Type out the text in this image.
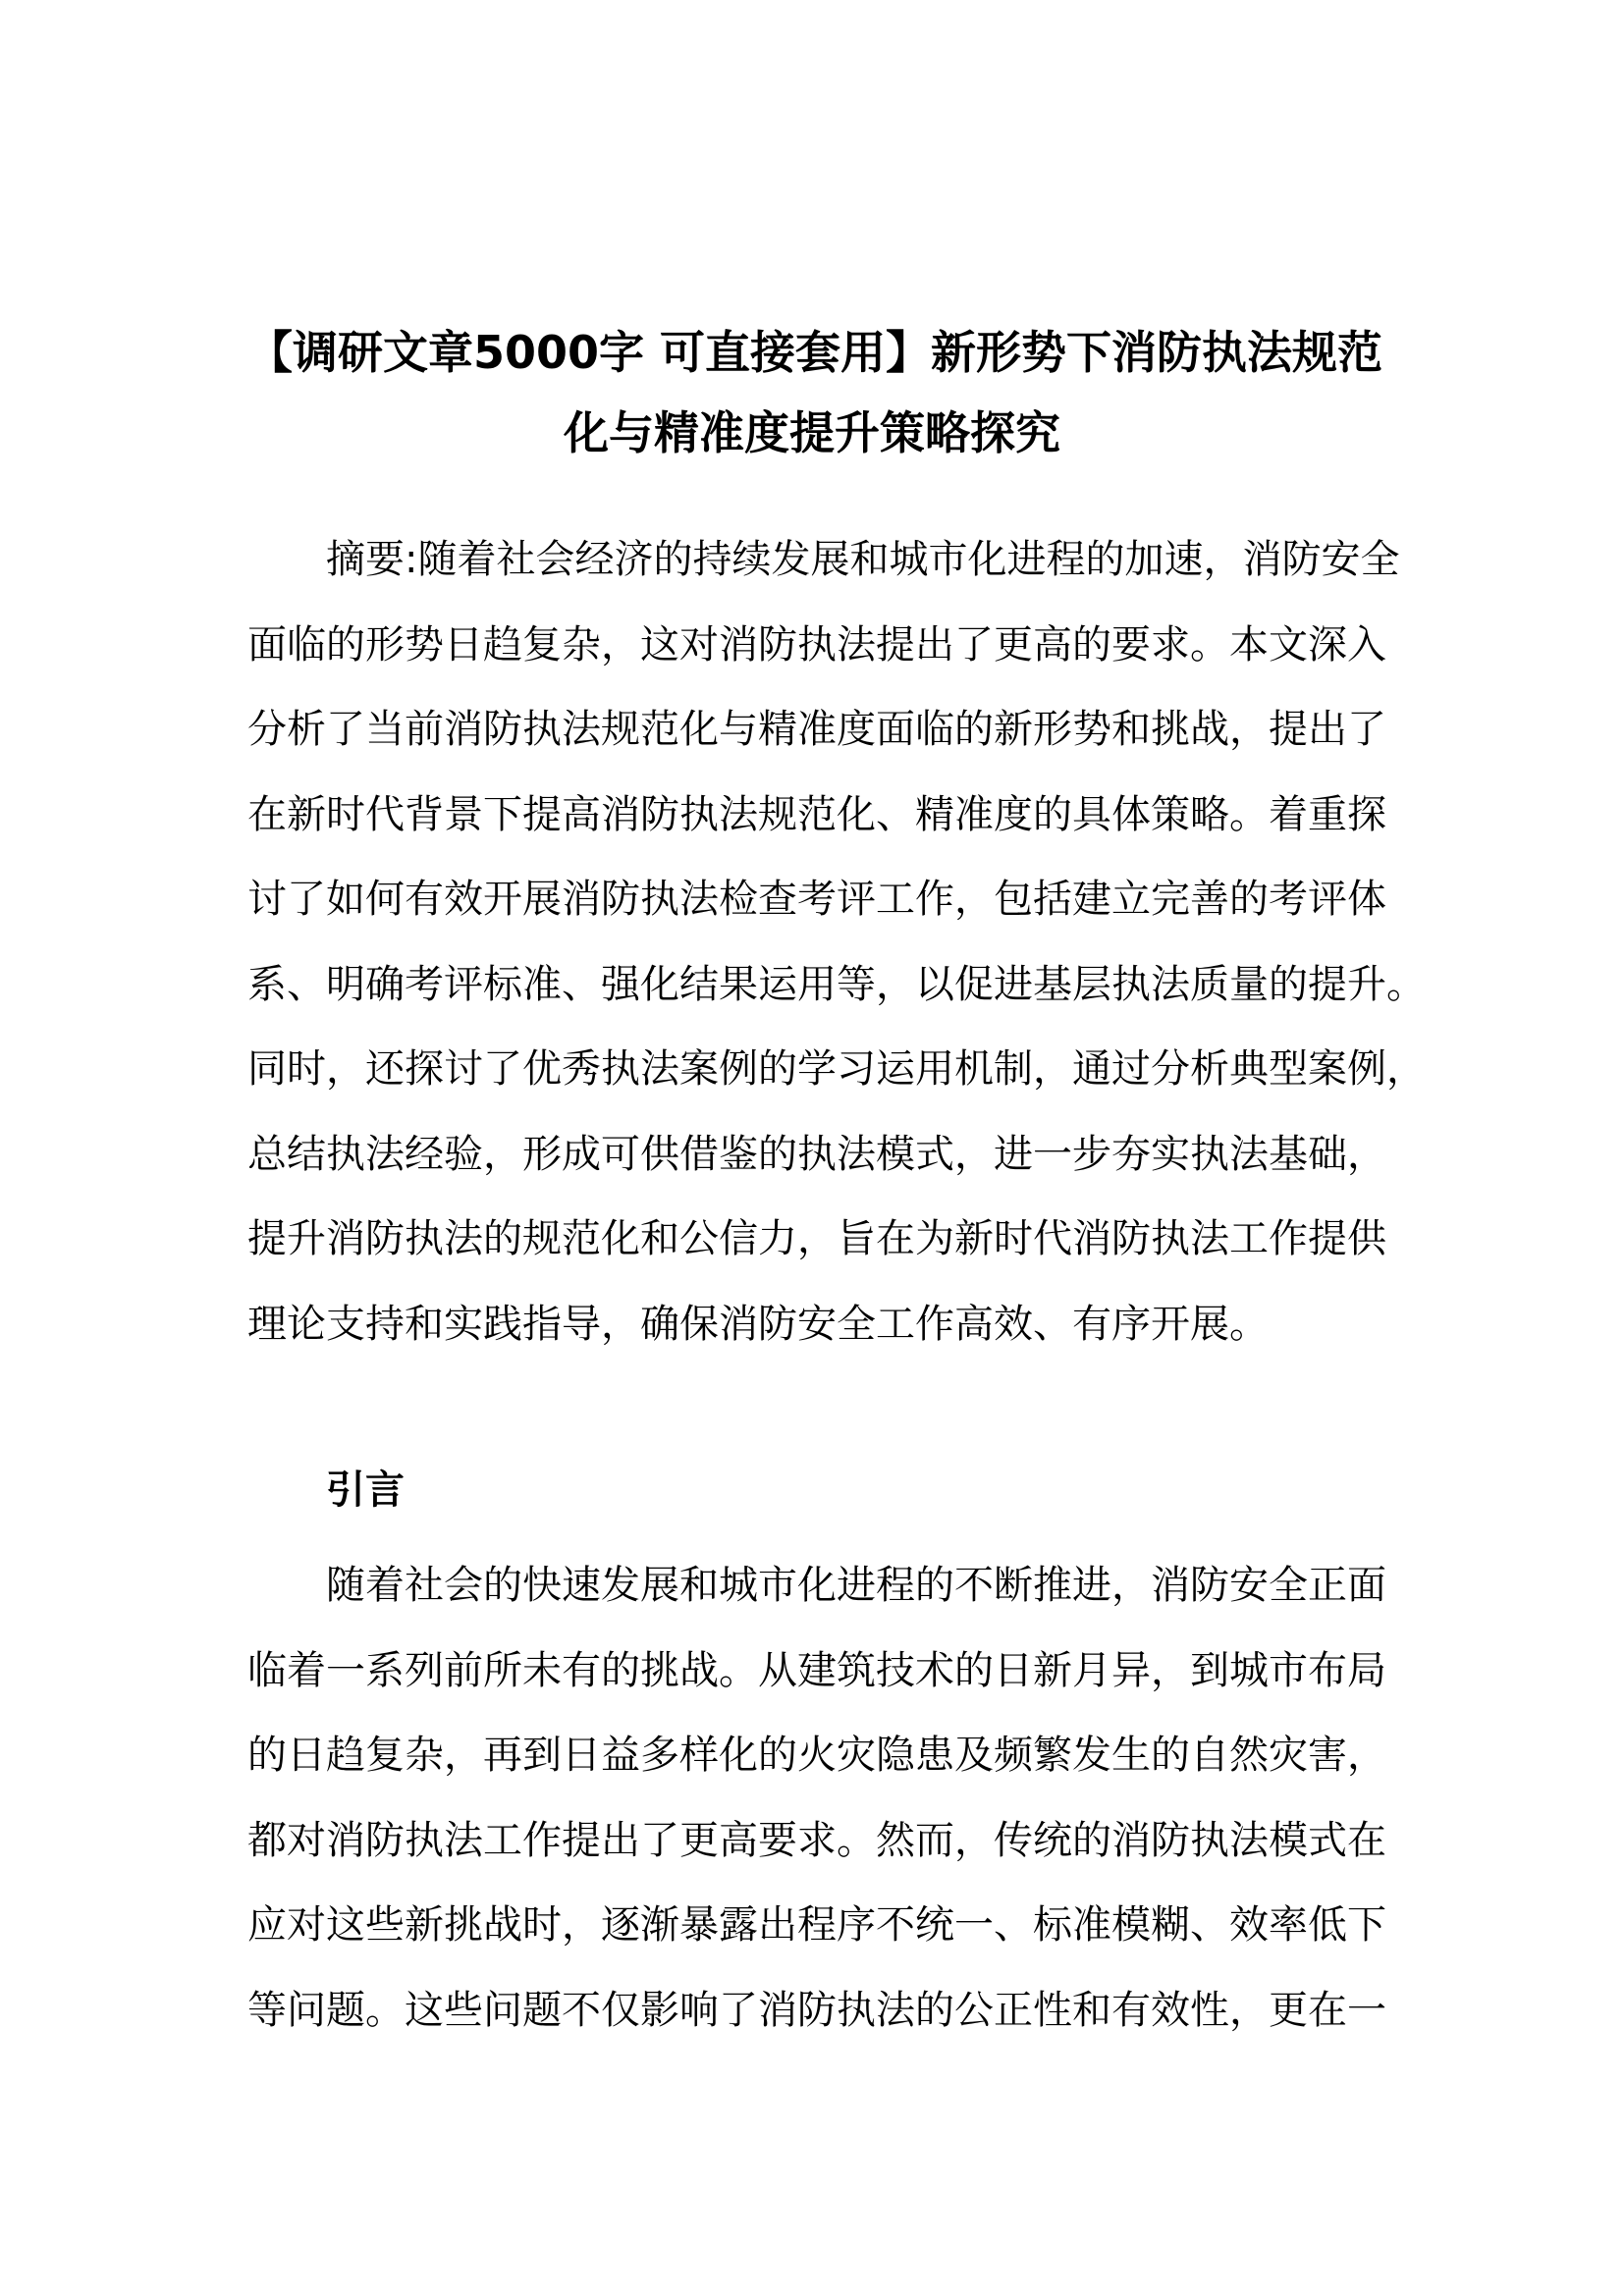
【调研文章5000字 可直接套用】新形势下消防执法规范
化与精准度提升策略探究
摘要:随着社会经济的持续发展和城市化进程的加速，消防安全
面临的形势日趋复杂，这对消防执法提出了更高的要求。本文深入
分析了当前消防执法规范化与精准度面临的新形势和挑战，提出了
在新时代背景下提高消防执法规范化、精准度的具体策略。着重探
讨了如何有效开展消防执法检查考评工作，包括建立完善的考评体
系、明确考评标准、强化结果运用等，以促进基层执法质量的提升。
同时，还探讨了优秀执法案例的学习运用机制，通过分析典型案例，
总结执法经验，形成可供借鉴的执法模式，进一步夯实执法基础，
提升消防执法的规范化和公信力，旨在为新时代消防执法工作提供
理论支持和实践指导，确保消防安全工作高效、有序开展。
引言
随着社会的快速发展和城市化进程的不断推进，消防安全正面
临着一系列前所未有的挑战。从建筑技术的日新月异，到城市布局
的日趋复杂，再到日益多样化的火灾隐患及频繁发生的自然灾害，
都对消防执法工作提出了更高要求。然而，传统的消防执法模式在
应对这些新挑战时，逐渐暴露出程序不统一、标准模糊、效率低下
等问题。这些问题不仅影响了消防执法的公正性和有效性，更在一
